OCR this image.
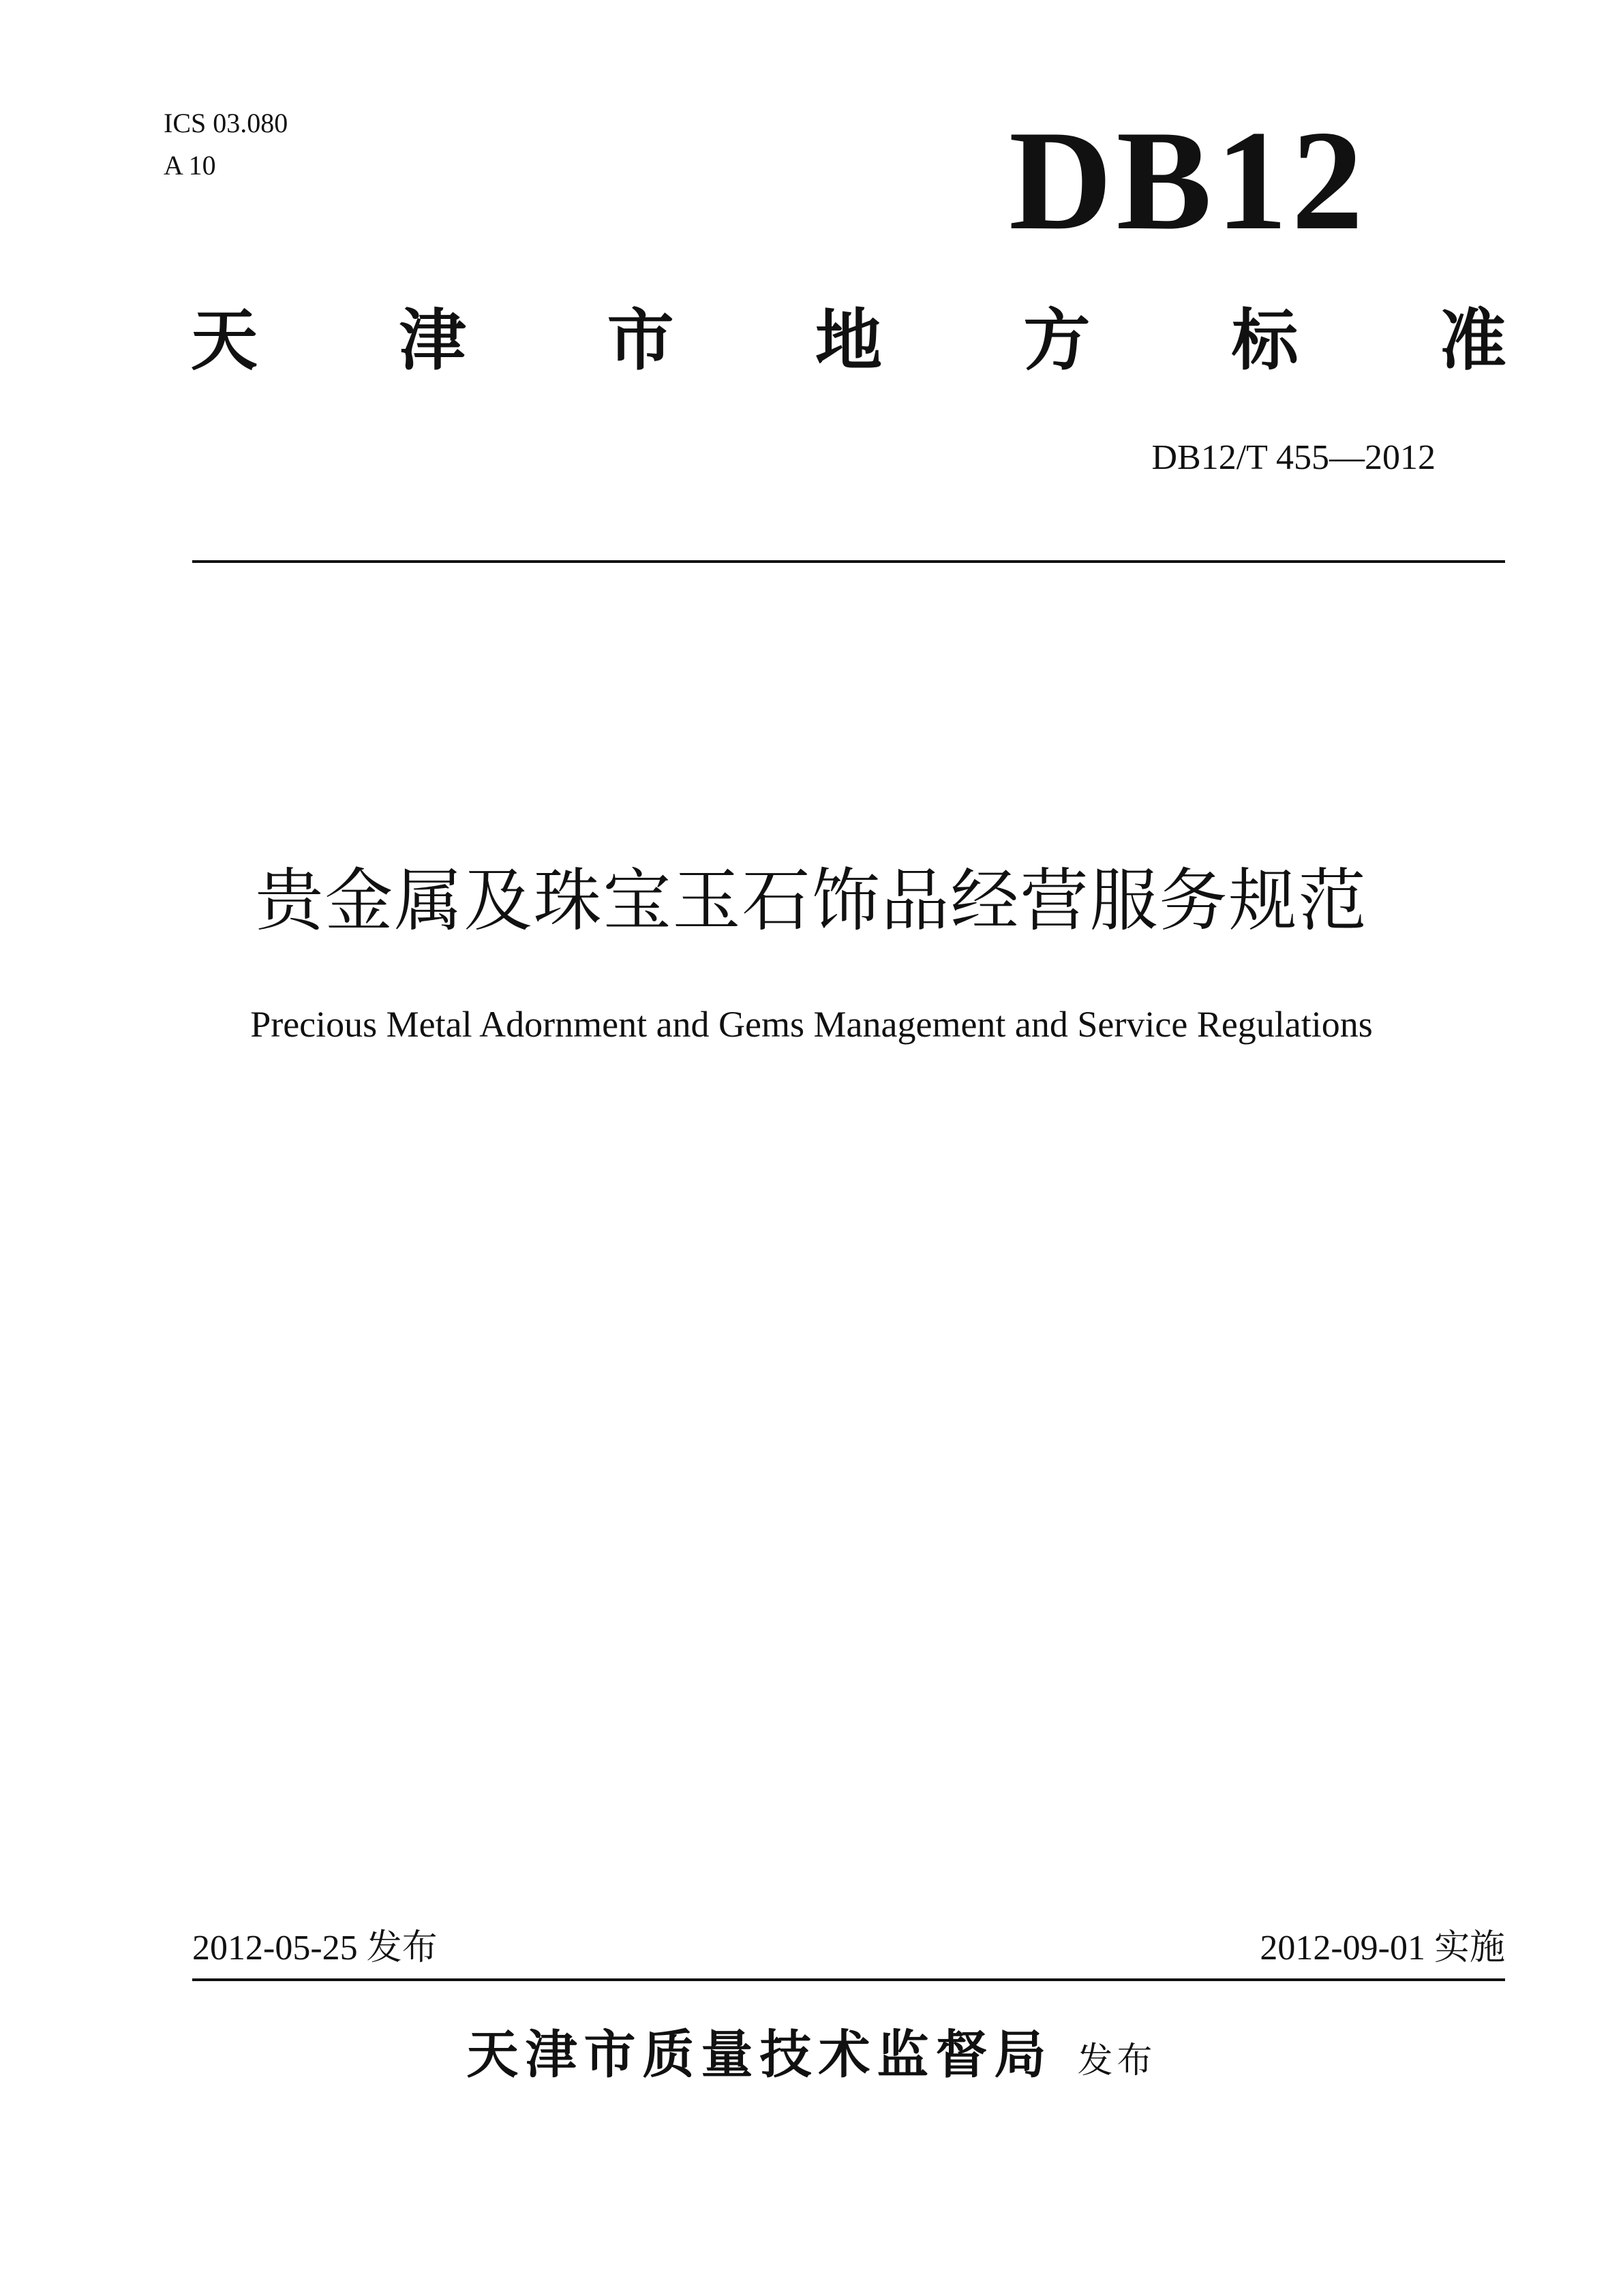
ICS 03.080
A 10	DB12
天 津 市 地 方 标 准
DB12/T 455—2012
贵金属及珠宝玉石饰品经营服务规范
Precious Metal Adornment and Gems Management and Service Regulations
2012-05-25 发布	2012-09-01 实施
天津市质量技术监督局 发布
